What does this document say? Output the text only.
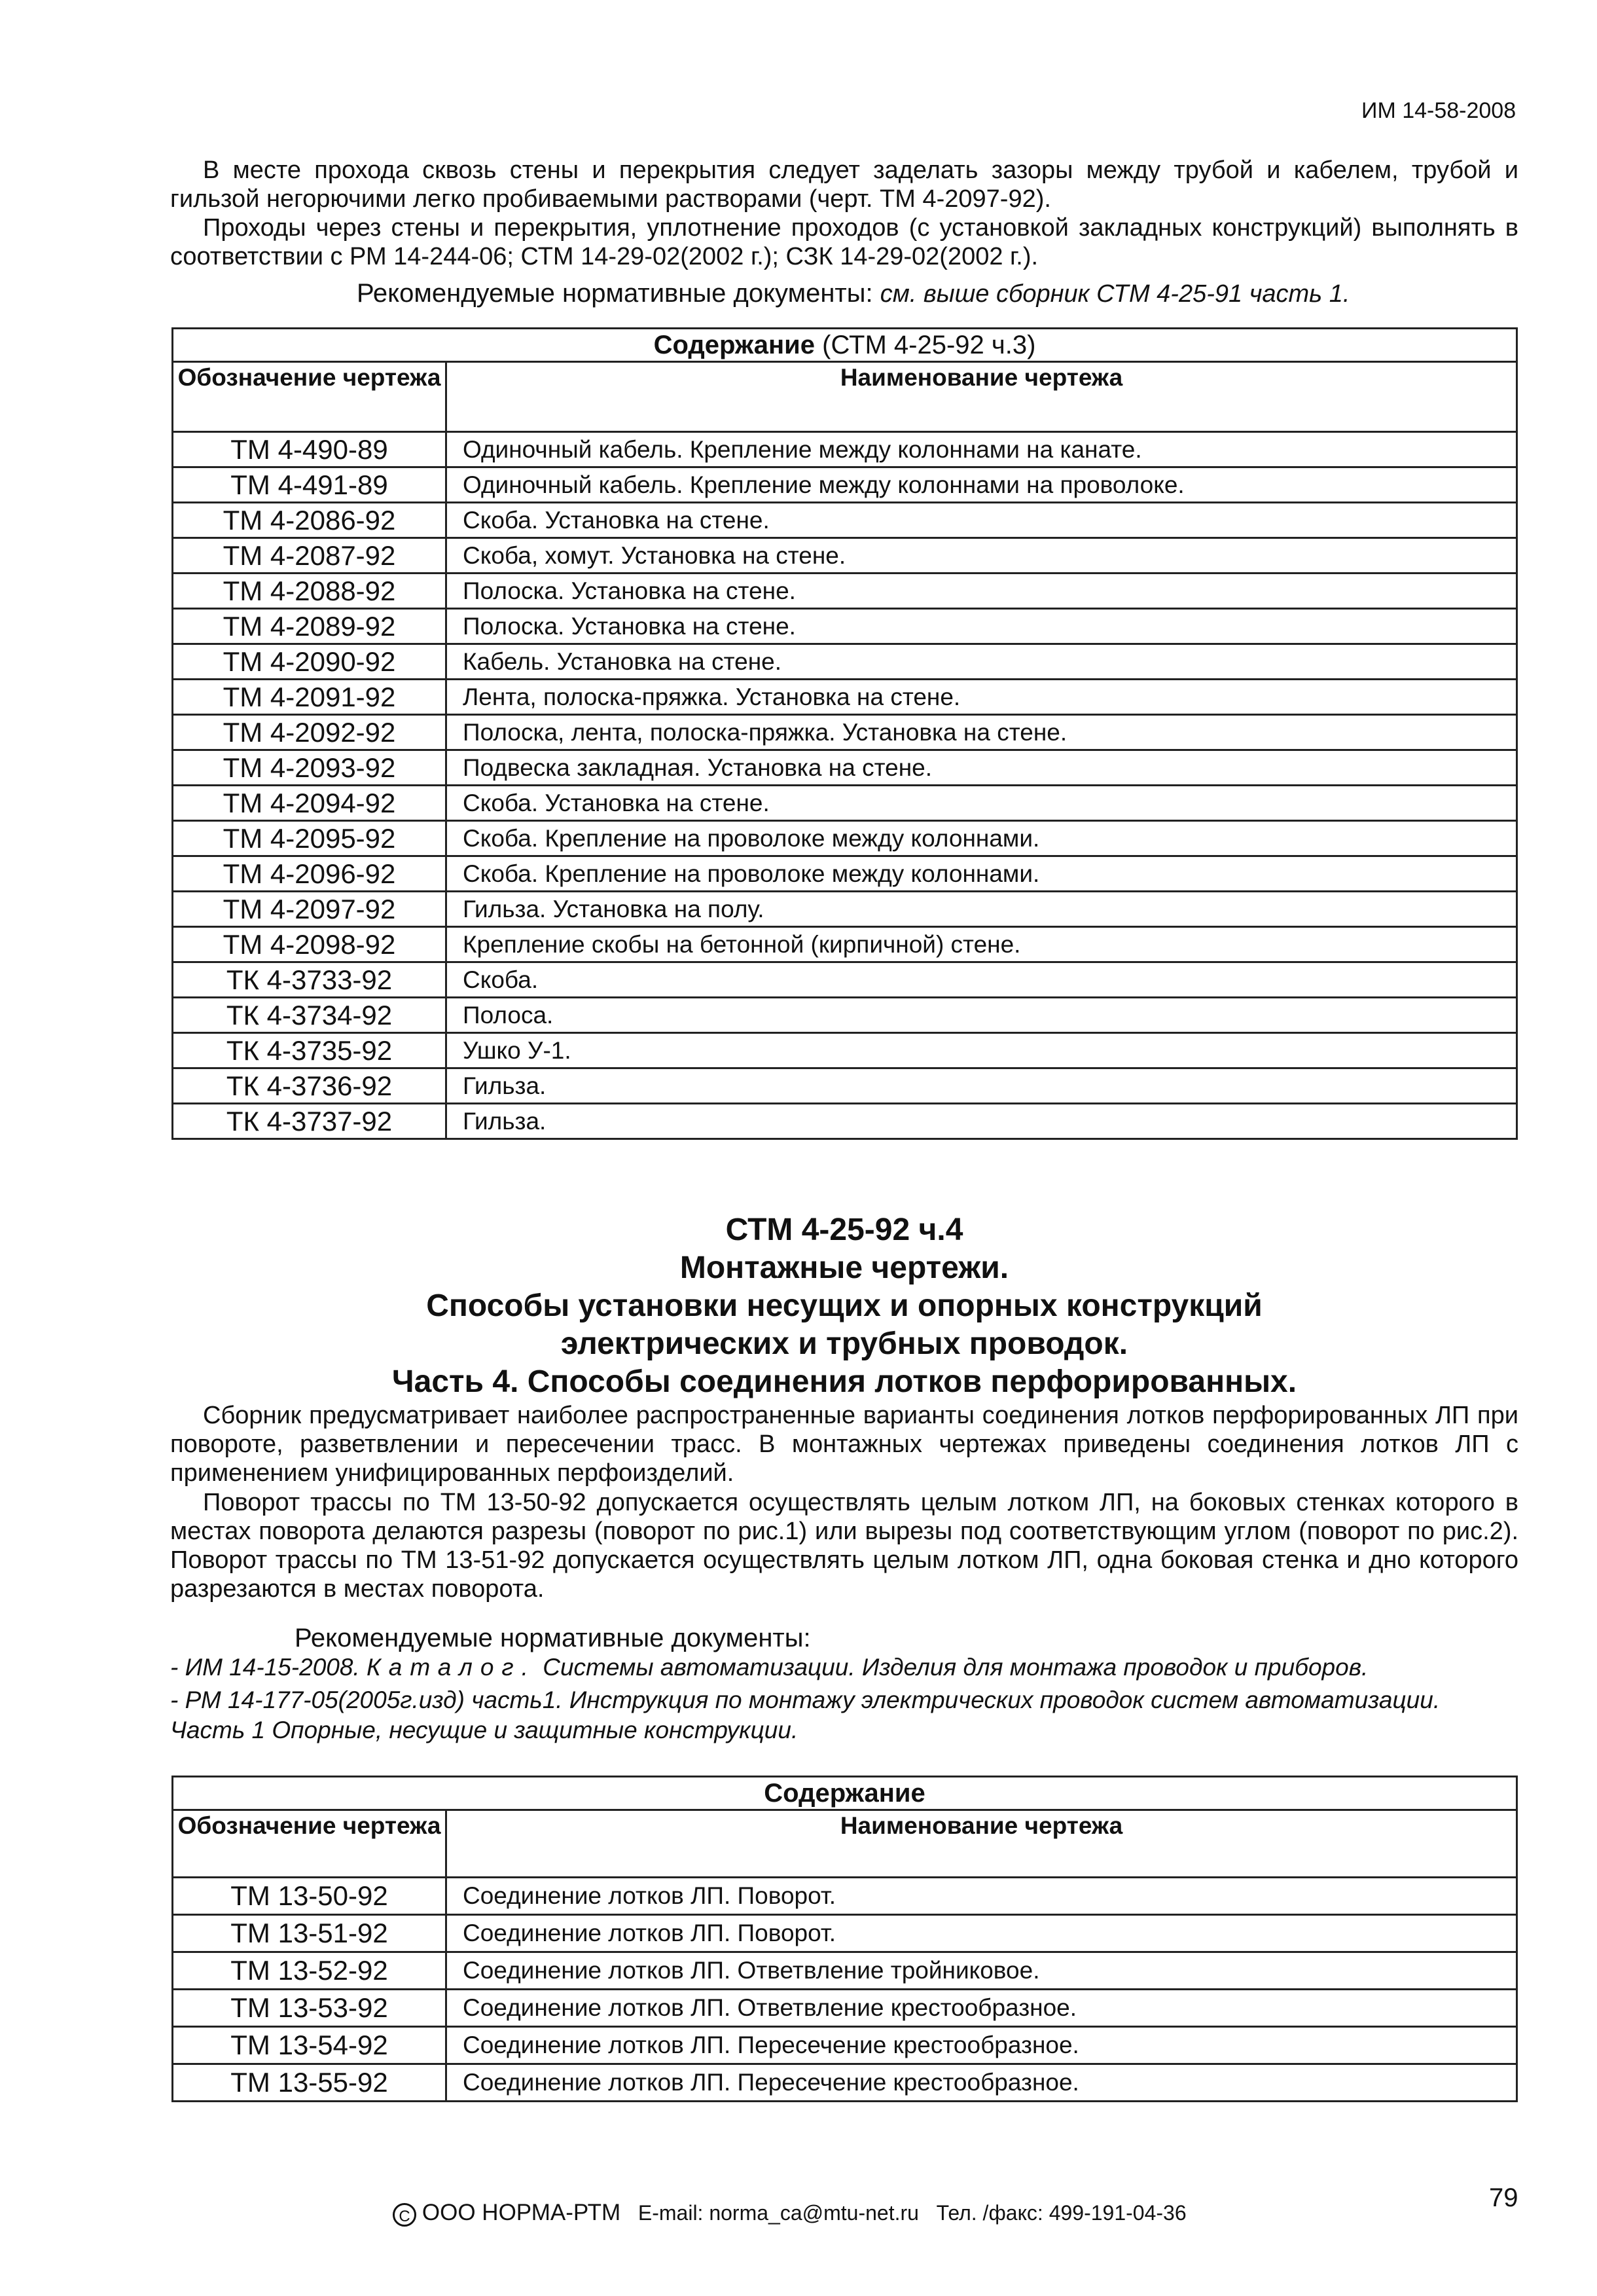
ИМ 14-58-2008

В месте прохода сквозь стены и перекрытия следует заделать зазоры между трубой и кабелем, трубой и гильзой негорючими легко пробиваемыми растворами (черт. ТМ 4-2097-92).

Проходы через стены и перекрытия, уплотнение проходов (с установкой закладных конструкций) выполнять в соответствии с РМ 14-244-06; СТМ 14-29-02(2002 г.); СЗК 14-29-02(2002 г.).

Рекомендуемые нормативные документы: см. выше сборник СТМ 4-25-91 часть 1.
Содержание (СТМ 4-25-92 ч.3)	
Обозначение чертежа	Наименование чертежа
ТМ 4-490-89	Одиночный кабель. Крепление между колоннами на канате.
ТМ 4-491-89	Одиночный кабель. Крепление между колоннами на проволоке.
ТМ 4-2086-92	Скоба. Установка на стене.
ТМ 4-2087-92	Скоба, хомут. Установка на стене.
ТМ 4-2088-92	Полоска. Установка на стене.
ТМ 4-2089-92	Полоска. Установка на стене.
ТМ 4-2090-92	Кабель. Установка на стене.
ТМ 4-2091-92	Лента, полоска-пряжка. Установка на стене.
ТМ 4-2092-92	Полоска, лента, полоска-пряжка. Установка на стене.
ТМ 4-2093-92	Подвеска закладная. Установка на стене.
ТМ 4-2094-92	Скоба. Установка на стене.
ТМ 4-2095-92	Скоба. Крепление на проволоке между колоннами.
ТМ 4-2096-92	Скоба. Крепление на проволоке между колоннами.
ТМ 4-2097-92	Гильза. Установка на полу.
ТМ 4-2098-92	Крепление скобы на бетонной (кирпичной) стене.
ТК 4-3733-92	Скоба.
ТК 4-3734-92	Полоса.
ТК 4-3735-92	Ушко У-1.
ТК 4-3736-92	Гильза.
ТК 4-3737-92	Гильза.
СТМ 4-25-92 ч.4
Монтажные чертежи.
Способы установки несущих и опорных конструкций
электрических и трубных проводок.
Часть 4. Способы соединения лотков перфорированных.

Сборник предусматривает наиболее распространенные варианты соединения лотков перфорированных ЛП при повороте, разветвлении и пересечении трасс. В монтажных чертежах приведены соединения лотков ЛП с применением унифицированных перфоизделий.

Поворот трассы по ТМ 13-50-92 допускается осуществлять целым лотком ЛП, на боковых стенках которого в местах поворота делаются разрезы (поворот по рис.1) или вырезы под соответствующим углом (поворот по рис.2). Поворот трассы по ТМ 13-51-92 допускается осуществлять целым лотком ЛП, одна боковая стенка и дно которого разрезаются в местах поворота.

Рекомендуемые нормативные документы:
- ИМ 14-15-2008. Каталог. Системы автоматизации. Изделия для монтажа проводок и приборов.
- РМ 14-177-05(2005г.изд) часть1. Инструкция по монтажу электрических проводок систем автоматизации. Часть 1 Опорные, несущие и защитные конструкции.
Содержание	
Обозначение чертежа	Наименование чертежа
ТМ 13-50-92	Соединение лотков ЛП. Поворот.
ТМ 13-51-92	Соединение лотков ЛП. Поворот.
ТМ 13-52-92	Соединение лотков ЛП. Ответвление тройниковое.
ТМ 13-53-92	Соединение лотков ЛП. Ответвление крестообразное.
ТМ 13-54-92	Соединение лотков ЛП. Пересечение крестообразное.
ТМ 13-55-92	Соединение лотков ЛП. Пересечение крестообразное.
C ООО НОРМА-РТМ E-mail: norma_ca@mtu-net.ru Тел. /факс: 499-191-04-36
79
